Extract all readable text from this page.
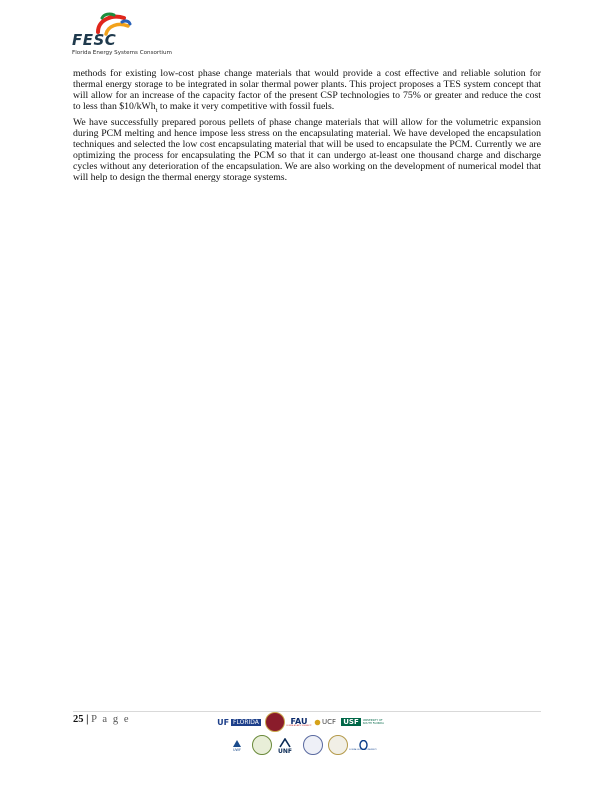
FESC
Florida Energy Systems Consortium

methods for existing low-cost phase change materials that would provide a cost effective and reliable solution for thermal energy storage to be integrated in solar thermal power plants. This project proposes a TES system concept that will allow for an increase of the capacity factor of the present CSP technologies to 75% or greater and reduce the cost to less than $10/kWh$_t$ to make it very competitive with fossil fuels.

We have successfully prepared porous pellets of phase change materials that will allow for the volumetric expansion during PCM melting and hence impose less stress on the encapsulating material. We have developed the encapsulation techniques and selected the low cost encapsulating material that will be used to encapsulate the PCM. Currently we are optimizing the process for encapsulating the PCM so that it can undergo at-least one thousand charge and discharge cycles without any deterioration of the encapsulation. We are also working on the development of numerical model that will help to design the thermal energy storage systems.

25 | P a g e	UF FLORIDA	FAU
FLORIDA ATLANTIC UNIVERSITY
UCF USF	UNIVERSITY OF SOUTH FLORIDA
UWF	UNF	FLORIDA GULF COAST UNIVERSITY
